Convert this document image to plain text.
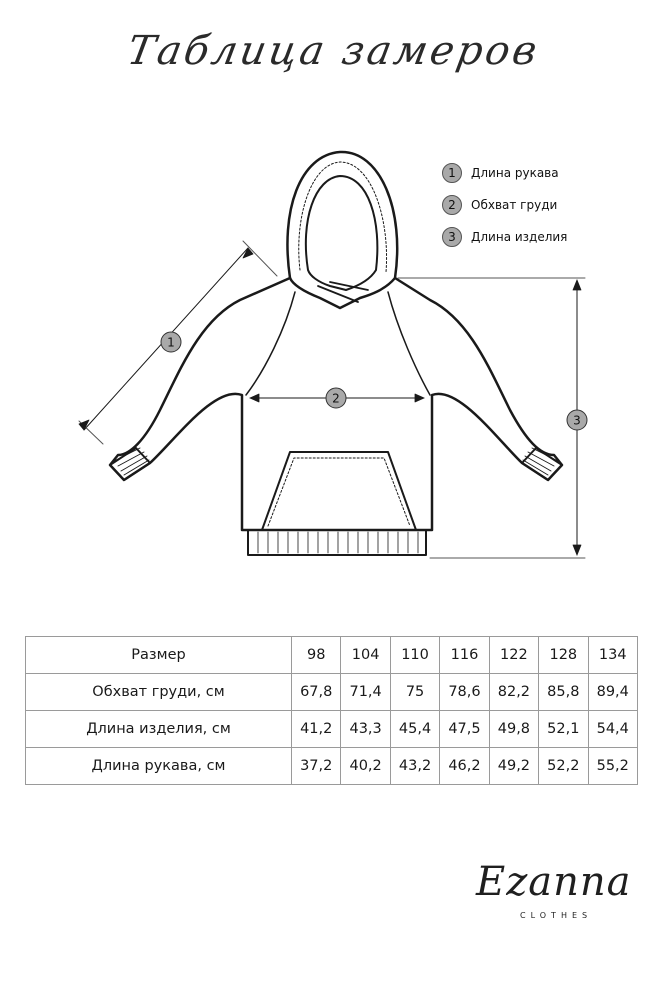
Таблица замеров
1
2
3
1	Длина рукава
2	Обхват груди
3	Длина изделия
Размер	98	104	110	116	122	128	134
Обхват груди, см	67,8	71,4	75	78,6	82,2	85,8	89,4
Длина изделия, см	41,2	43,3	45,4	47,5	49,8	52,1	54,4
Длина рукава, см	37,2	40,2	43,2	46,2	49,2	52,2	55,2
Ezanna
CLOTHES
